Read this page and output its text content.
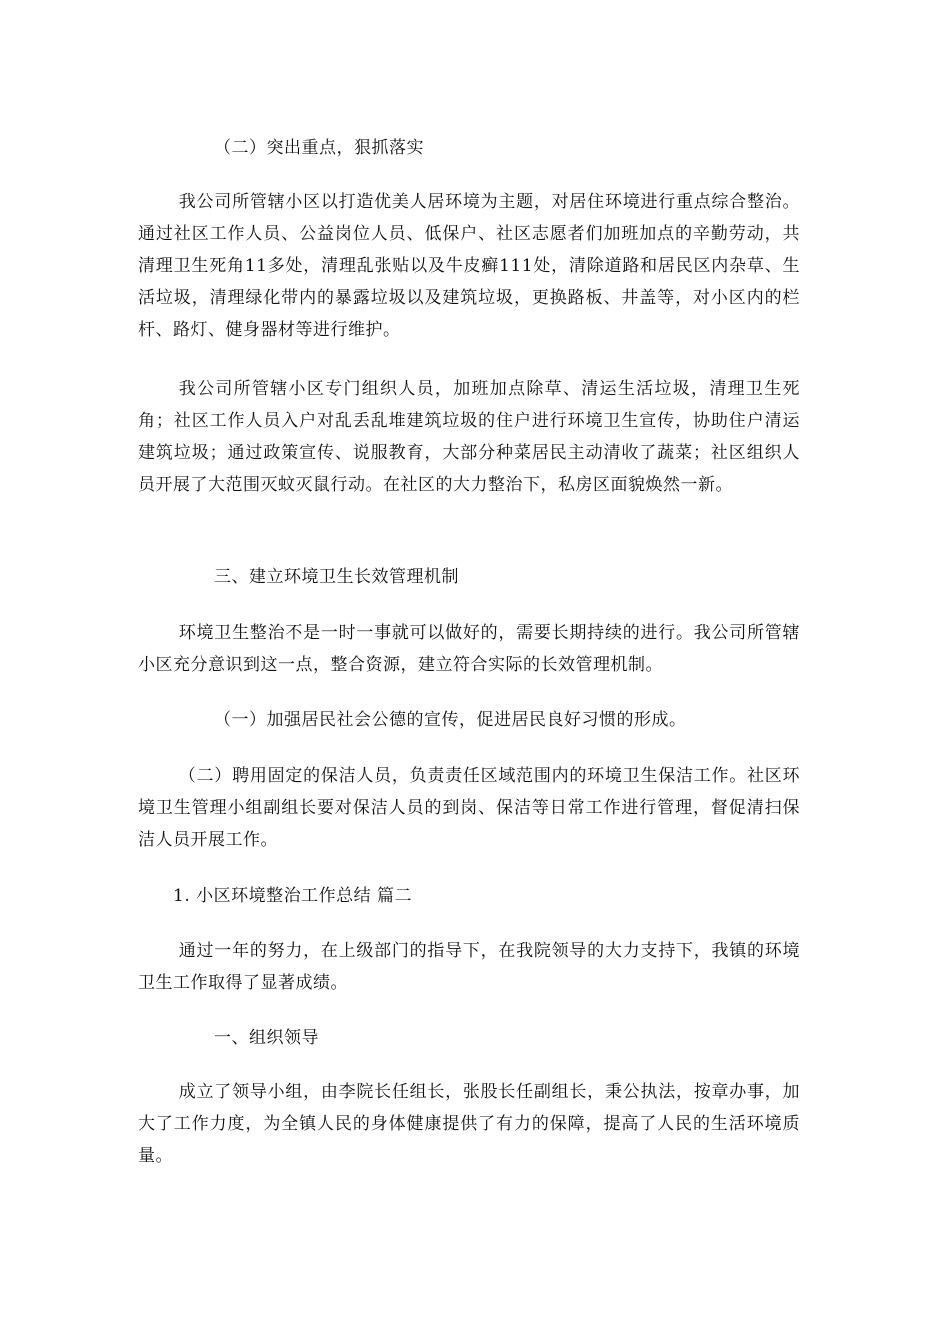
（二）突出重点，狠抓落实

我公司所管辖小区以打造优美人居环境为主题，对居住环境进行重点综合整治。通过社区工作人员、公益岗位人员、低保户、社区志愿者们加班加点的辛勤劳动，共清理卫生死角11多处，清理乱张贴以及牛皮癣111处，清除道路和居民区内杂草、生活垃圾，清理绿化带内的暴露垃圾以及建筑垃圾，更换路板、井盖等，对小区内的栏杆、路灯、健身器材等进行维护。

我公司所管辖小区专门组织人员，加班加点除草、清运生活垃圾，清理卫生死角；社区工作人员入户对乱丢乱堆建筑垃圾的住户进行环境卫生宣传，协助住户清运建筑垃圾；通过政策宣传、说服教育，大部分种菜居民主动清收了蔬菜；社区组织人员开展了大范围灭蚊灭鼠行动。在社区的大力整治下，私房区面貌焕然一新。

三、建立环境卫生长效管理机制

环境卫生整治不是一时一事就可以做好的，需要长期持续的进行。我公司所管辖小区充分意识到这一点，整合资源，建立符合实际的长效管理机制。

（一）加强居民社会公德的宣传，促进居民良好习惯的形成。

（二）聘用固定的保洁人员，负责责任区域范围内的环境卫生保洁工作。社区环境卫生管理小组副组长要对保洁人员的到岗、保洁等日常工作进行管理，督促清扫保洁人员开展工作。

1. 小区环境整治工作总结 篇二

通过一年的努力，在上级部门的指导下，在我院领导的大力支持下，我镇的环境卫生工作取得了显著成绩。

一、组织领导

成立了领导小组，由李院长任组长，张股长任副组长，秉公执法，按章办事，加大了工作力度，为全镇人民的身体健康提供了有力的保障，提高了人民的生活环境质量。
